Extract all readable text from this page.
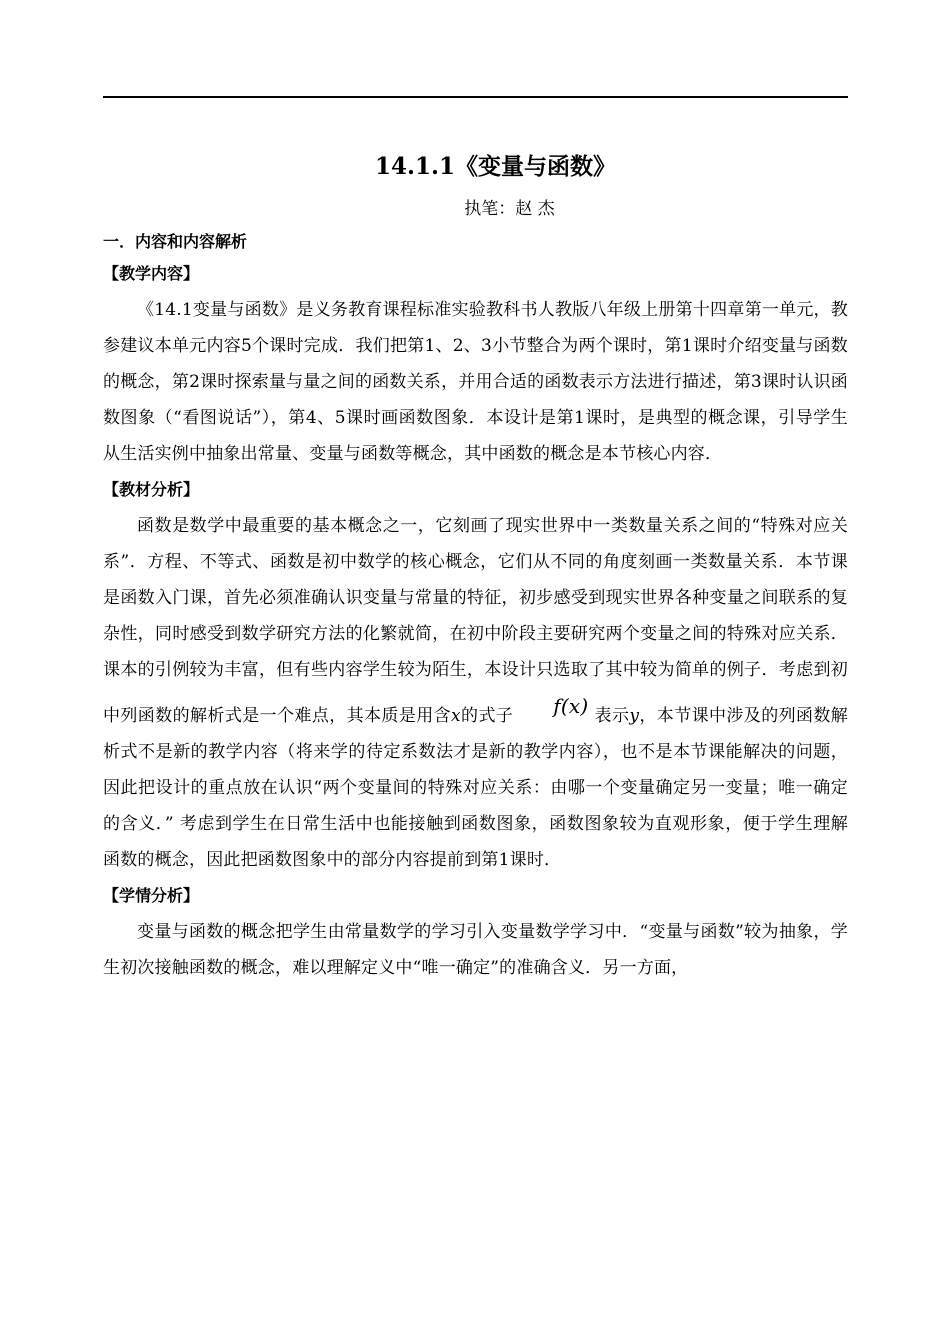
14.1.1《变量与函数》
执笔：赵 杰
一．内容和内容解析
【教学内容】

《14.1变量与函数》是义务教育课程标准实验教科书人教版八年级上册第十四章第一单元，教参建议本单元内容5个课时完成．我们把第1、2、3小节整合为两个课时，第1课时介绍变量与函数的概念，第2课时探索量与量之间的函数关系，并用合适的函数表示方法进行描述，第3课时认识函数图象（“看图说话”），第4、5课时画函数图象．本设计是第1课时，是典型的概念课，引导学生从生活实例中抽象出常量、变量与函数等概念，其中函数的概念是本节核心内容．

【教材分析】

函数是数学中最重要的基本概念之一，它刻画了现实世界中一类数量关系之间的“特殊对应关系”．方程、不等式、函数是初中数学的核心概念，它们从不同的角度刻画一类数量关系．本节课是函数入门课，首先必须准确认识变量与常量的特征，初步感受到现实世界各种变量之间联系的复杂性，同时感受到数学研究方法的化繁就简，在初中阶段主要研究两个变量之间的特殊对应关系．课本的引例较为丰富，但有些内容学生较为陌生，本设计只选取了其中较为简单的例子．考虑到初中列函数的解析式是一个难点，其本质是用含x的式子 f(x) 表示y，本节课中涉及的列函数解析式不是新的教学内容（将来学的待定系数法才是新的教学内容），也不是本节课能解决的问题，因此把设计的重点放在认识“两个变量间的特殊对应关系：由哪一个变量确定另一变量；唯一确定的含义．” 考虑到学生在日常生活中也能接触到函数图象，函数图象较为直观形象，便于学生理解函数的概念，因此把函数图象中的部分内容提前到第1课时．

【学情分析】

变量与函数的概念把学生由常量数学的学习引入变量数学学习中．“变量与函数”较为抽象，学生初次接触函数的概念，难以理解定义中“唯一确定”的准确含义．另一方面，
